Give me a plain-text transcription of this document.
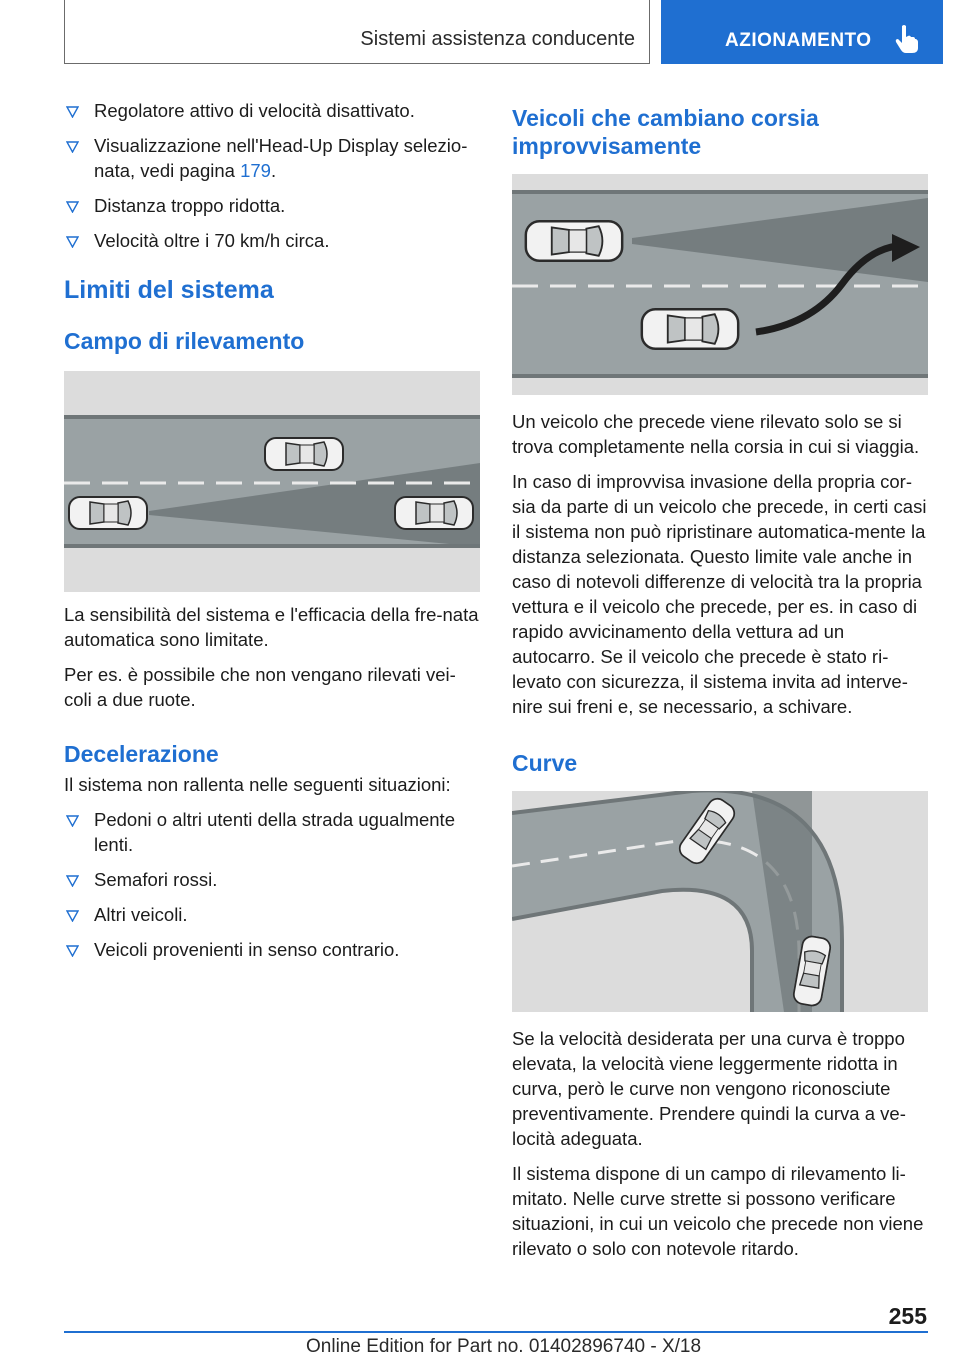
Sistemi assistenza conducente	AZIONAMENTO
Regolatore attivo di velocità disattivato.
Visualizzazione nell'Head-Up Display selezio‐nata, vedi pagina 179.
Distanza troppo ridotta.
Velocità oltre i 70 km/h circa.
Limiti del sistema
Campo di rilevamento
La sensibilità del sistema e l'efficacia della fre‐nata automatica sono limitate.
Per es. è possibile che non vengano rilevati vei‐coli a due ruote.
Decelerazione
Il sistema non rallenta nelle seguenti situazioni:
Pedoni o altri utenti della strada ugualmente lenti.
Semafori rossi.
Altri veicoli.
Veicoli provenienti in senso contrario.
Veicoli che cambiano corsia improvvisamente
Un veicolo che precede viene rilevato solo se si trova completamente nella corsia in cui si viaggia.
In caso di improvvisa invasione della propria cor‐sia da parte di un veicolo che precede, in certi casi il sistema non può ripristinare automatica‐mente la distanza selezionata. Questo limite vale anche in caso di notevoli differenze di velocità tra la propria vettura e il veicolo che precede, per es. in caso di rapido avvicinamento della vettura ad un autocarro. Se il veicolo che precede è stato ri‐levato con sicurezza, il sistema invita ad interve‐nire sui freni e, se necessario, a schivare.
Curve
Se la velocità desiderata per una curva è troppo elevata, la velocità viene leggermente ridotta in curva, però le curve non vengono riconosciute preventivamente. Prendere quindi la curva a ve‐locità adeguata.
Il sistema dispone di un campo di rilevamento li‐mitato. Nelle curve strette si possono verificare situazioni, in cui un veicolo che precede non viene rilevato o solo con notevole ritardo.
255
Online Edition for Part no. 01402896740 - X/18
